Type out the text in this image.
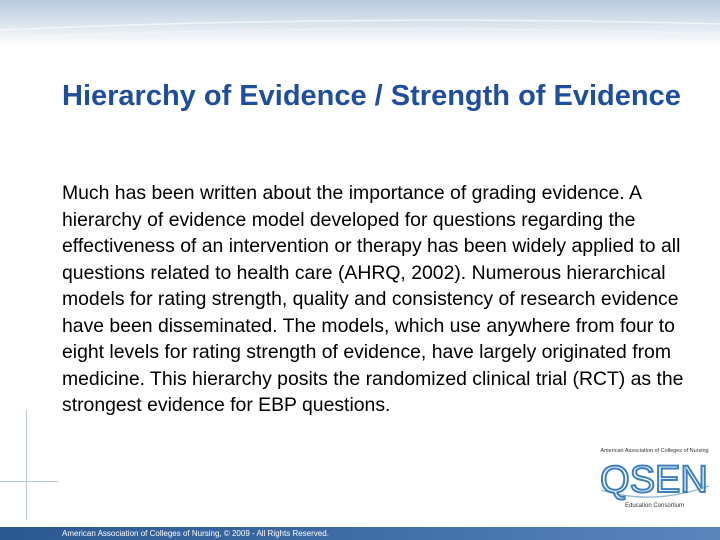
Hierarchy of Evidence / Strength of Evidence

Much has been written about the importance of grading evidence. A hierarchy of evidence model developed for questions regarding the effectiveness of an intervention or therapy has been widely applied to all questions related to health care (AHRQ, 2002). Numerous hierarchical models for rating strength, quality and consistency of research evidence have been disseminated. The models, which use anywhere from four to eight levels for rating strength of evidence, have largely originated from medicine. This hierarchy posits the randomized clinical trial (RCT) as the strongest evidence for EBP questions.

American Association of Colleges of Nursing
QSEN
Education Consortium
American Association of Colleges of Nursing, © 2009 - All Rights Reserved.
